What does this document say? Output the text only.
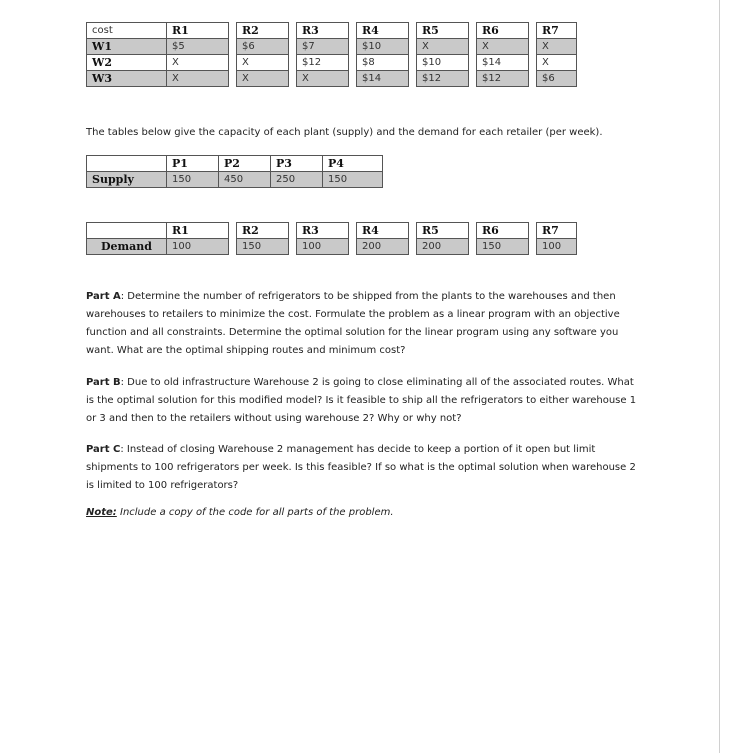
cost	R1		R2		R3		R4		R5		R6		R7
W1	$5		$6		$7		$10		X		X		X
W2	X		X		$12		$8		$10		$14		X
W3	X		X		X		$14		$12		$12		$6

The tables below give the capacity of each plant (supply) and the demand for each retailer (per week).

	P1	P2	P3	P4
Supply	150	450	250	150
	R1		R2		R3		R4		R5		R6		R7
Demand	100		150		100		200		200		150		100

Part A: Determine the number of refrigerators to be shipped from the plants to the warehouses and then warehouses to retailers to minimize the cost. Formulate the problem as a linear program with an objective function and all constraints. Determine the optimal solution for the linear program using any software you want. What are the optimal shipping routes and minimum cost?

Part B: Due to old infrastructure Warehouse 2 is going to close eliminating all of the associated routes. What is the optimal solution for this modified model? Is it feasible to ship all the refrigerators to either warehouse 1 or 3 and then to the retailers without using warehouse 2? Why or why not?

Part C: Instead of closing Warehouse 2 management has decide to keep a portion of it open but limit shipments to 100 refrigerators per week. Is this feasible? If so what is the optimal solution when warehouse 2 is limited to 100 refrigerators?

Note: Include a copy of the code for all parts of the problem.
